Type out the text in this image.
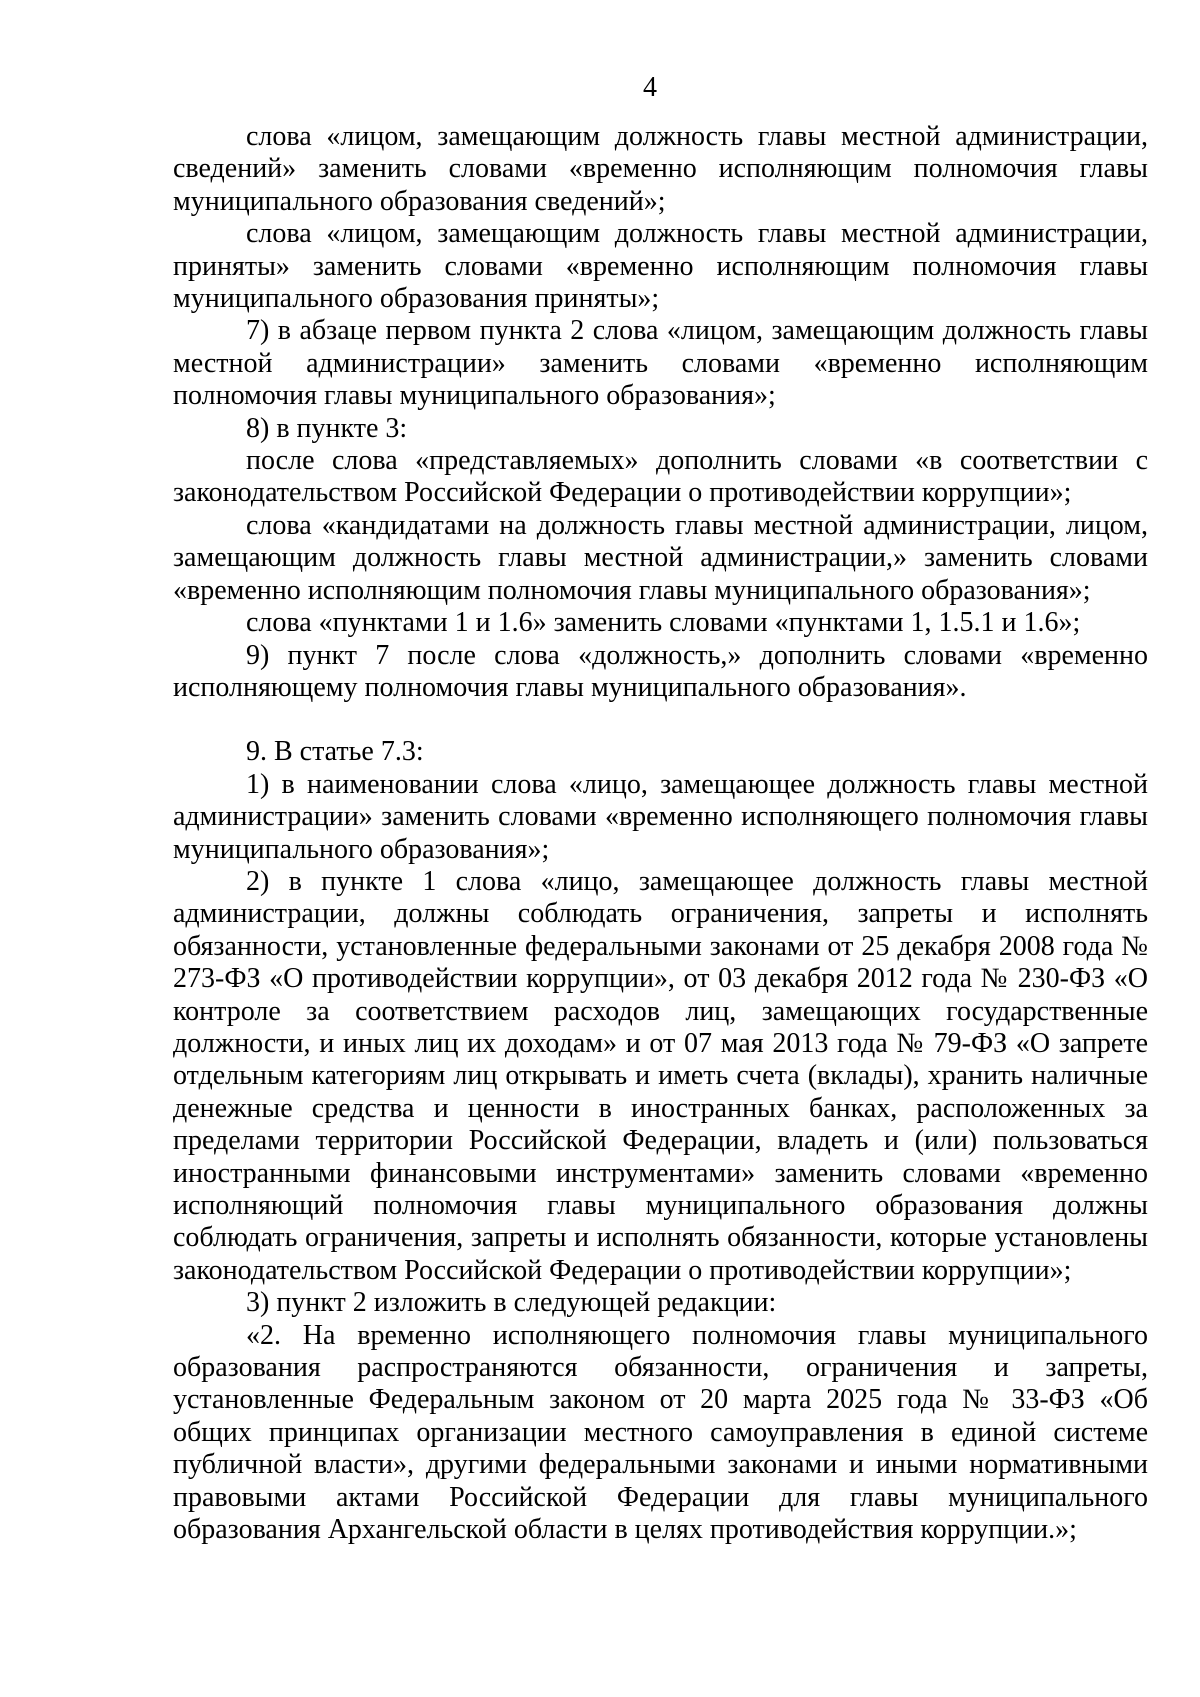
4

слова «лицом, замещающим должность главы местной администрации, сведений» заменить словами «временно исполняющим полномочия главы муниципального образования сведений»;

слова «лицом, замещающим должность главы местной администрации, приняты» заменить словами «временно исполняющим полномочия главы муниципального образования приняты»;

7) в абзаце первом пункта 2 слова «лицом, замещающим должность главы местной администрации» заменить словами «временно исполняющим полномочия главы муниципального образования»;

8) в пункте 3:

после слова «представляемых» дополнить словами «в соответствии с законодательством Российской Федерации о противодействии коррупции»;

слова «кандидатами на должность главы местной администрации, лицом, замещающим должность главы местной администрации,» заменить словами «временно исполняющим полномочия главы муниципального образования»;

слова «пунктами 1 и 1.6» заменить словами «пунктами 1, 1.5.1 и 1.6»;

9) пункт 7 после слова «должность,» дополнить словами «временно исполняющему полномочия главы муниципального образования».

9. В статье 7.3:

1) в наименовании слова «лицо, замещающее должность главы местной администрации» заменить словами «временно исполняющего полномочия главы муниципального образования»;

2) в пункте 1 слова «лицо, замещающее должность главы местной администрации, должны соблюдать ограничения, запреты и исполнять обязанности, установленные федеральными законами от 25 декабря 2008 года № 273-ФЗ «О противодействии коррупции», от 03 декабря 2012 года № 230-ФЗ «О контроле за соответствием расходов лиц, замещающих государственные должности, и иных лиц их доходам» и от 07 мая 2013 года № 79-ФЗ «О запрете отдельным категориям лиц открывать и иметь счета (вклады), хранить наличные денежные средства и ценности в иностранных банках, расположенных за пределами территории Российской Федерации, владеть и (или) пользоваться иностранными финансовыми инструментами» заменить словами «временно исполняющий полномочия главы муниципального образования должны соблюдать ограничения, запреты и исполнять обязанности, которые установлены законодательством Российской Федерации о противодействии коррупции»;

3) пункт 2 изложить в следующей редакции:

«2. На временно исполняющего полномочия главы муниципального образования распространяются обязанности, ограничения и запреты, установленные Федеральным законом от 20 марта 2025 года № 33-ФЗ «Об общих принципах организации местного самоуправления в единой системе публичной власти», другими федеральными законами и иными нормативными правовыми актами Российской Федерации для главы муниципального образования Архангельской области в целях противодействия коррупции.»;
